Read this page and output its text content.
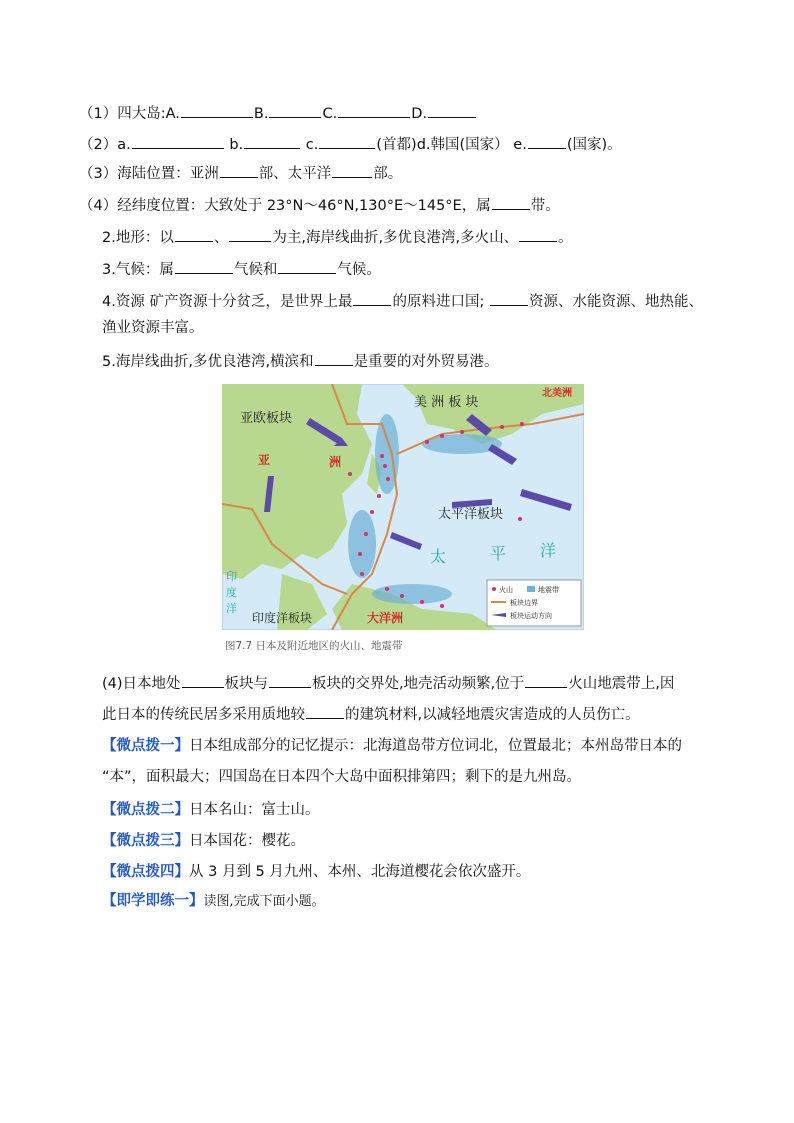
（1）四大岛:A.	B.	C.	D.
（2）a.	b.	c.	(首都)d.韩国(国家） e.	(国家)。
（3）海陆位置：亚洲	部、太平洋	部。
（4）经纬度位置：大致处于 23°N～46°N,130°E～145°E，属	带。
2.地形：以	、	为主,海岸线曲折,多优良港湾,多火山、	。
3.气候：属	气候和	气候。
4.资源 矿产资源十分贫乏，是世界上最	的原料进口国;	资源、水能资源、地热能、
渔业资源丰富。
5.海岸线曲折,多优良港湾,横滨和	是重要的对外贸易港。
亚欧板块
美 洲 板 块
北美洲
亚	洲
太平洋板块
太	平 洋
印
度
洋
印度洋板块	大洋洲
火山	地震带
板块边界
板块运动方向
图7.7 日本及附近地区的火山、地震带
(4)日本地处	板块与	板块的交界处,地壳活动频繁,位于	火山地震带上,因
此日本的传统民居多采用质地较	的建筑材料,以减轻地震灾害造成的人员伤亡。
【微点拨一】日本组成部分的记忆提示：北海道岛带方位词北，位置最北；本州岛带日本的
“本”，面积最大；四国岛在日本四个大岛中面积排第四；剩下的是九州岛。
【微点拨二】日本名山：富士山。
【微点拨三】日本国花：樱花。
【微点拨四】从 3 月到 5 月九州、本州、北海道樱花会依次盛开。
【即学即练一】读图,完成下面小题。
